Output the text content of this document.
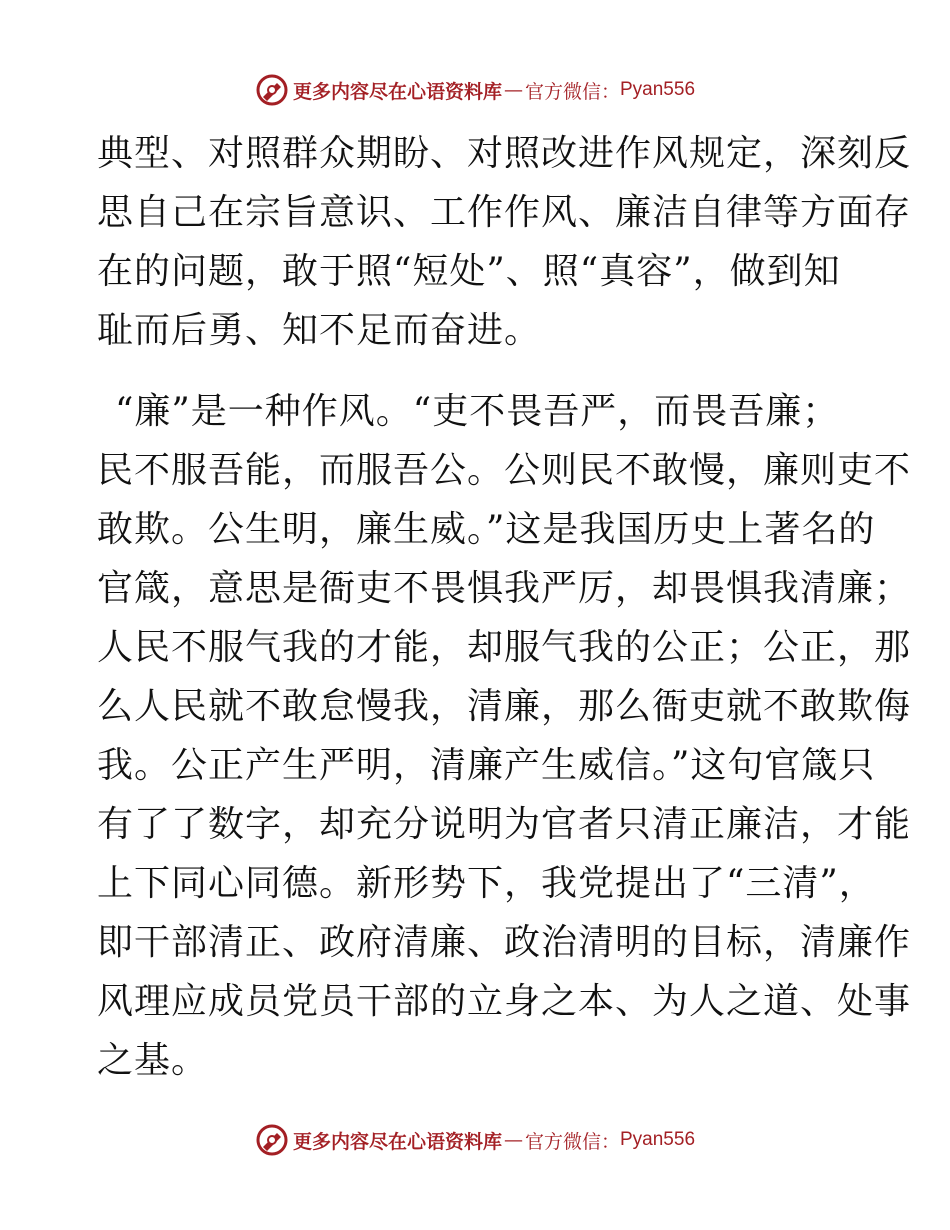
更多内容尽在心语资料库 — 官方微信： Pyan556
典型、对照群众期盼、对照改进作风规定，深刻反
思自己在宗旨意识、工作作风、廉洁自律等方面存
在的问题，敢于照“短处”、照“真容”，做到知
耻而后勇、知不足而奋进。
“廉”是一种作风。“吏不畏吾严，而畏吾廉；
民不服吾能，而服吾公。公则民不敢慢，廉则吏不
敢欺。公生明，廉生威。”这是我国历史上著名的
官箴，意思是衙吏不畏惧我严厉，却畏惧我清廉；
人民不服气我的才能，却服气我的公正；公正，那
么人民就不敢怠慢我，清廉，那么衙吏就不敢欺侮
我。公正产生严明，清廉产生威信。”这句官箴只
有了了数字，却充分说明为官者只清正廉洁，才能
上下同心同德。新形势下，我党提出了“三清”，
即干部清正、政府清廉、政治清明的目标，清廉作
风理应成员党员干部的立身之本、为人之道、处事
之基。
更多内容尽在心语资料库 — 官方微信： Pyan556
